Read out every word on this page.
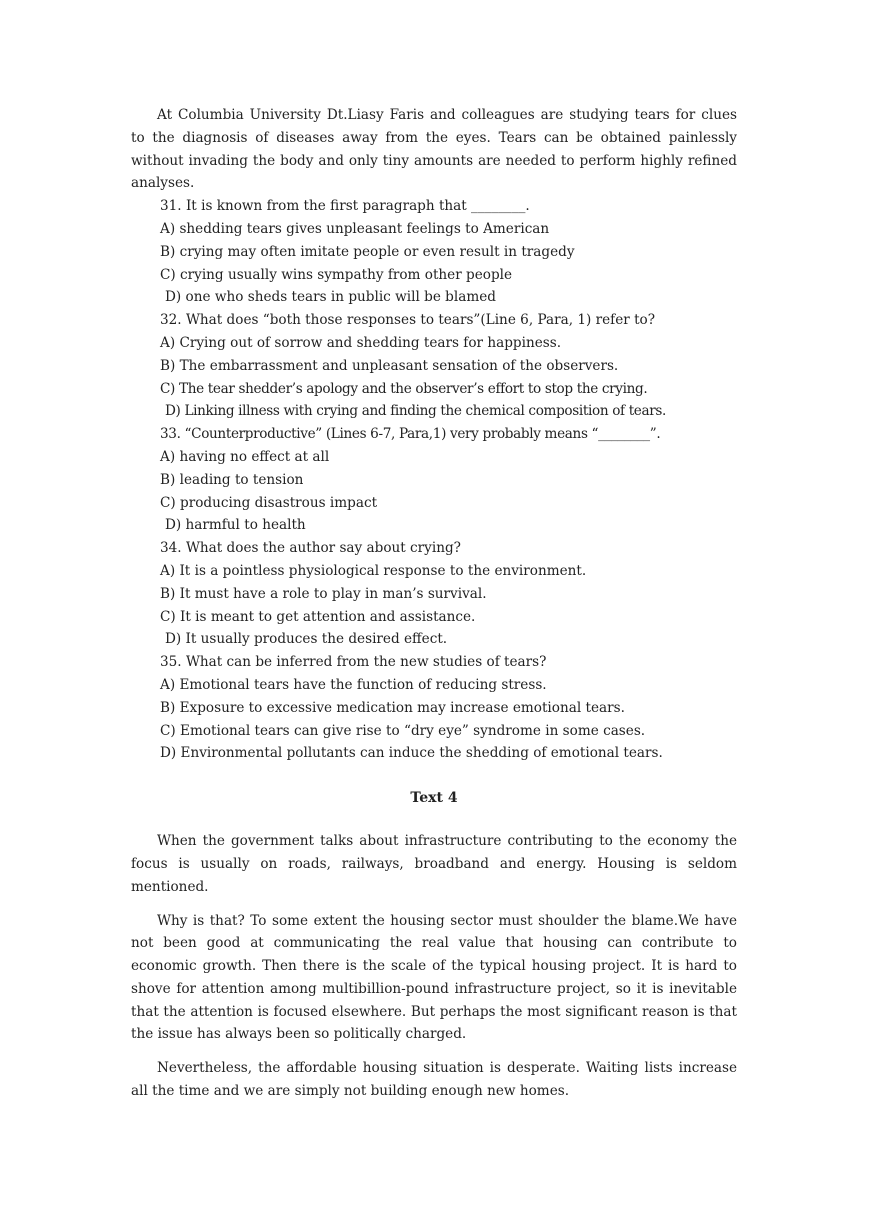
At Columbia University Dt.Liasy Faris and colleagues are studying tears for clues to the diagnosis of diseases away from the eyes. Tears can be obtained painlessly without invading the body and only tiny amounts are needed to perform highly refined analyses.

31. It is known from the first paragraph that ________.
A) shedding tears gives unpleasant feelings to American
B) crying may often imitate people or even result in tragedy
C) crying usually wins sympathy from other people
D) one who sheds tears in public will be blamed
32. What does “both those responses to tears”(Line 6, Para, 1) refer to?
A) Crying out of sorrow and shedding tears for happiness.
B) The embarrassment and unpleasant sensation of the observers.
C) The tear shedder’s apology and the observer’s effort to stop the crying.
D) Linking illness with crying and finding the chemical composition of tears.
33. “Counterproductive” (Lines 6-7, Para,1) very probably means “________”.
A) having no effect at all
B) leading to tension
C) producing disastrous impact
D) harmful to health
34. What does the author say about crying?
A) It is a pointless physiological response to the environment.
B) It must have a role to play in man’s survival.
C) It is meant to get attention and assistance.
D) It usually produces the desired effect.
35. What can be inferred from the new studies of tears?
A) Emotional tears have the function of reducing stress.
B) Exposure to excessive medication may increase emotional tears.
C) Emotional tears can give rise to “dry eye” syndrome in some cases.
D) Environmental pollutants can induce the shedding of emotional tears.
Text 4

When the government talks about infrastructure contributing to the economy the focus is usually on roads, railways, broadband and energy. Housing is seldom mentioned.

Why is that? To some extent the housing sector must shoulder the blame.We have not been good at communicating the real value that housing can contribute to economic growth. Then there is the scale of the typical housing project. It is hard to shove for attention among multibillion-pound infrastructure project, so it is inevitable that the attention is focused elsewhere. But perhaps the most significant reason is that the issue has always been so politically charged.

Nevertheless, the affordable housing situation is desperate. Waiting lists increase all the time and we are simply not building enough new homes.
